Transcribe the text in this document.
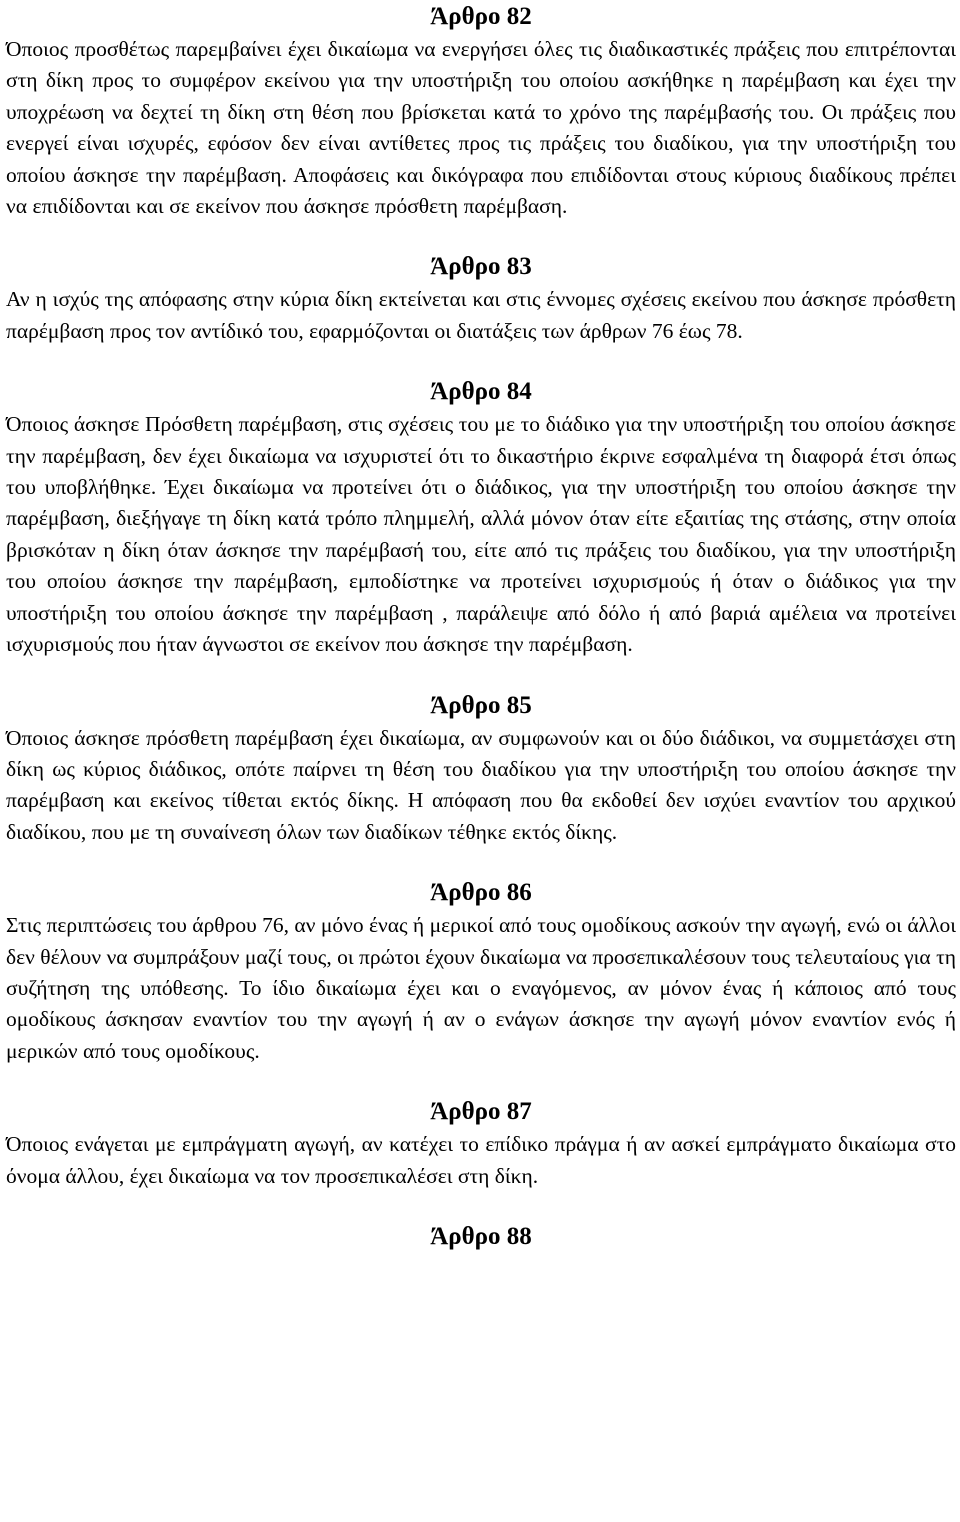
Άρθρο 82

Όποιος προσθέτως παρεμβαίνει έχει δικαίωμα να ενεργήσει όλες τις διαδικαστικές πράξεις που επιτρέπονται στη δίκη προς το συμφέρον εκείνου για την υποστήριξη του οποίου ασκήθηκε η παρέμβαση και έχει την υποχρέωση να δεχτεί τη δίκη στη θέση που βρίσκεται κατά το χρόνο της παρέμβασής του. Οι πράξεις που ενεργεί είναι ισχυρές, εφόσον δεν είναι αντίθετες προς τις πράξεις του διαδίκου, για την υποστήριξη του οποίου άσκησε την παρέμβαση. Αποφάσεις και δικόγραφα που επιδίδονται στους κύριους διαδίκους πρέπει να επιδίδονται και σε εκείνον που άσκησε πρόσθετη παρέμβαση.

Άρθρο 83

Αν η ισχύς της απόφασης στην κύρια δίκη εκτείνεται και στις έννομες σχέσεις εκείνου που άσκησε πρόσθετη παρέμβαση προς τον αντίδικό του, εφαρμόζονται οι διατάξεις των άρθρων 76 έως 78.

Άρθρο 84

Όποιος άσκησε Πρόσθετη παρέμβαση, στις σχέσεις του με το διάδικο για την υποστήριξη του οποίου άσκησε την παρέμβαση, δεν έχει δικαίωμα να ισχυριστεί ότι το δικαστήριο έκρινε εσφαλμένα τη διαφορά έτσι όπως του υποβλήθηκε. Έχει δικαίωμα να προτείνει ότι ο διάδικος, για την υποστήριξη του οποίου άσκησε την παρέμβαση, διεξήγαγε τη δίκη κατά τρόπο πλημμελή, αλλά μόνον όταν είτε εξαιτίας της στάσης, στην οποία βρισκόταν η δίκη όταν άσκησε την παρέμβασή του, είτε από τις πράξεις του διαδίκου, για την υποστήριξη του οποίου άσκησε την παρέμβαση, εμποδίστηκε να προτείνει ισχυρισμούς ή όταν ο διάδικος για την υποστήριξη του οποίου άσκησε την παρέμβαση , παράλειψε από δόλο ή από βαριά αμέλεια να προτείνει ισχυρισμούς που ήταν άγνωστοι σε εκείνον που άσκησε την παρέμβαση.

Άρθρο 85

Όποιος άσκησε πρόσθετη παρέμβαση έχει δικαίωμα, αν συμφωνούν και οι δύο διάδικοι, να συμμετάσχει στη δίκη ως κύριος διάδικος, οπότε παίρνει τη θέση του διαδίκου για την υποστήριξη του οποίου άσκησε την παρέμβαση και εκείνος τίθεται εκτός δίκης. Η απόφαση που θα εκδοθεί δεν ισχύει εναντίον του αρχικού διαδίκου, που με τη συναίνεση όλων των διαδίκων τέθηκε εκτός δίκης.

Άρθρο 86

Στις περιπτώσεις του άρθρου 76, αν μόνο ένας ή μερικοί από τους ομοδίκους ασκούν την αγωγή, ενώ οι άλλοι δεν θέλουν να συμπράξουν μαζί τους, οι πρώτοι έχουν δικαίωμα να προσεπικαλέσουν τους τελευταίους για τη συζήτηση της υπόθεσης. Το ίδιο δικαίωμα έχει και ο εναγόμενος, αν μόνον ένας ή κάποιος από τους ομοδίκους άσκησαν εναντίον του την αγωγή ή αν ο ενάγων άσκησε την αγωγή μόνον εναντίον ενός ή μερικών από τους ομοδίκους.

Άρθρο 87

Όποιος ενάγεται με εμπράγματη αγωγή, αν κατέχει το επίδικο πράγμα ή αν ασκεί εμπράγματο δικαίωμα στο όνομα άλλου, έχει δικαίωμα να τον προσεπικαλέσει στη δίκη.

Άρθρο 88
